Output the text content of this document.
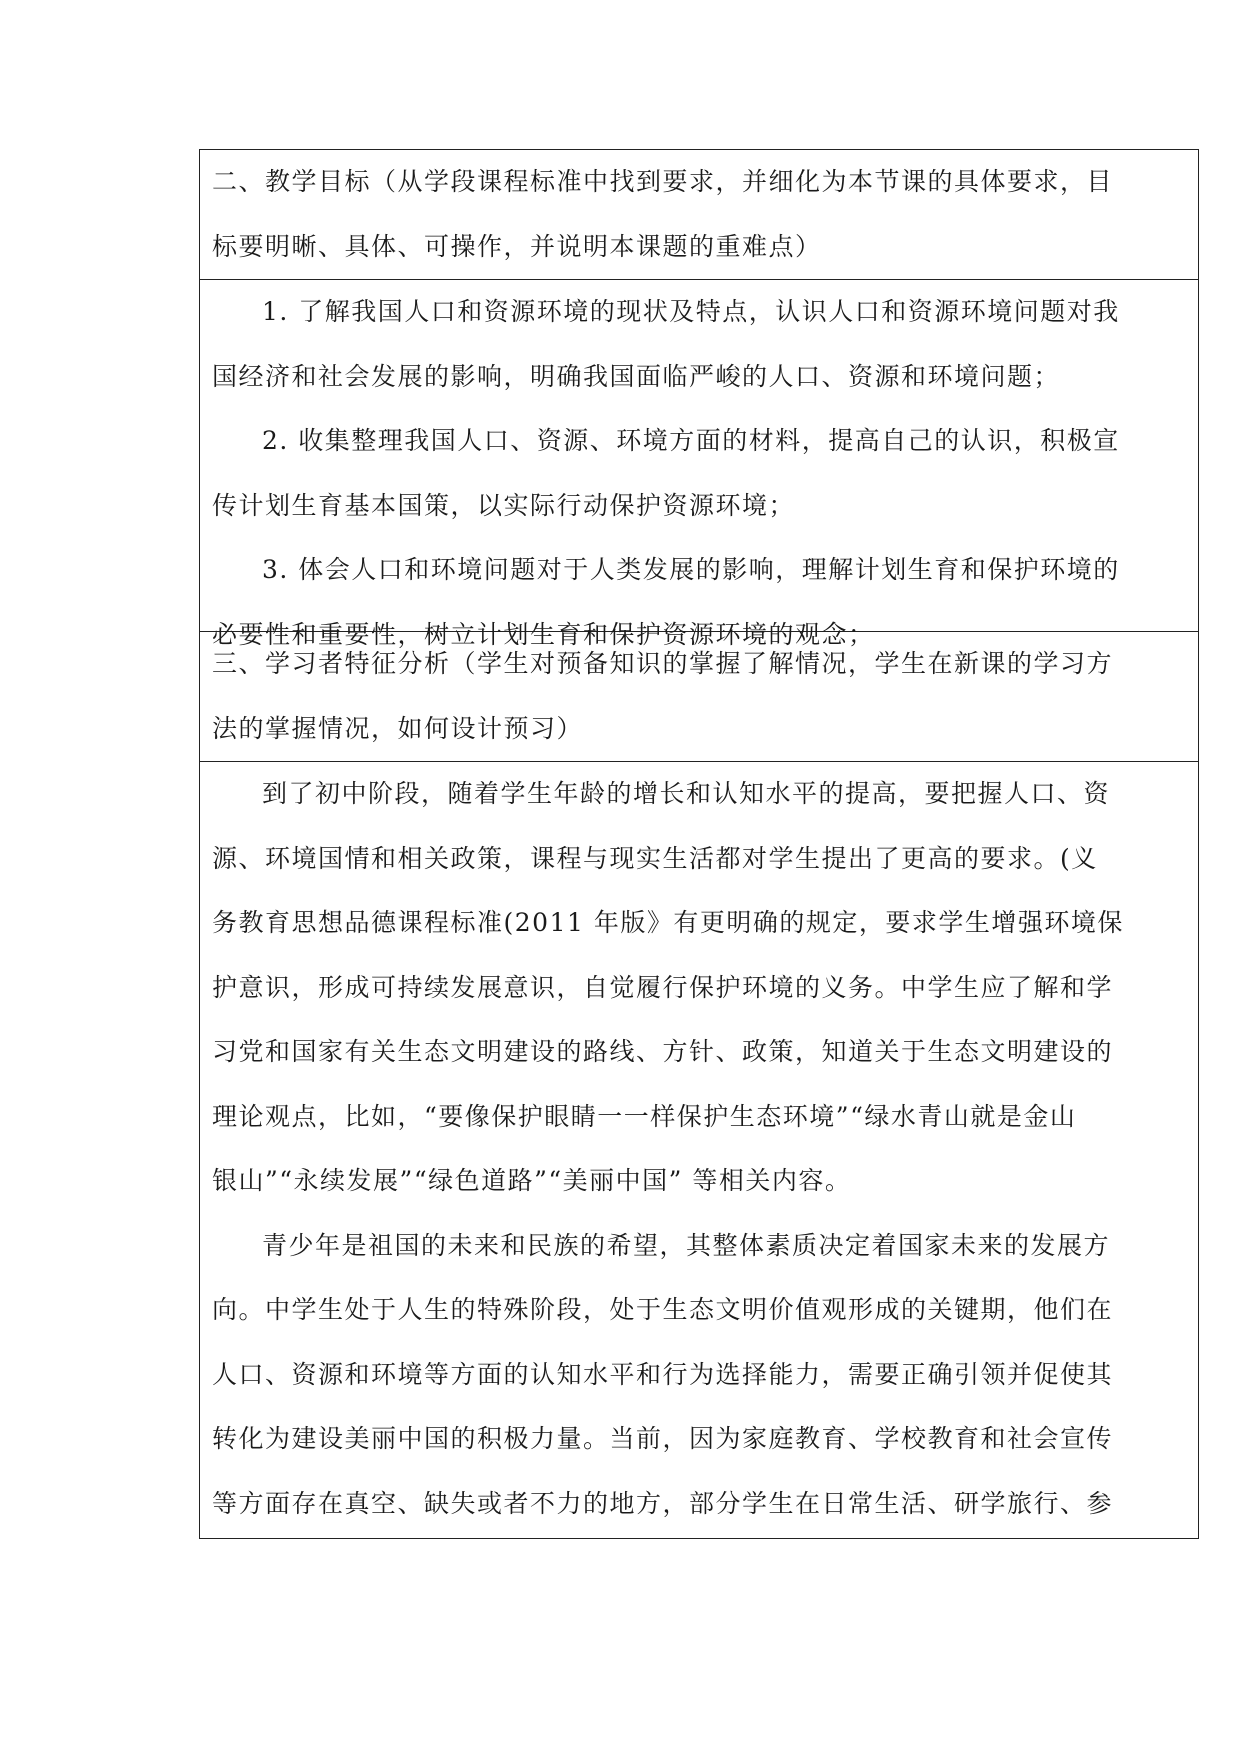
二、教学目标（从学段课程标准中找到要求，并细化为本节课的具体要求，目
标要明晰、具体、可操作，并说明本课题的重难点）
1. 了解我国人口和资源环境的现状及特点，认识人口和资源环境问题对我
国经济和社会发展的影响，明确我国面临严峻的人口、资源和环境问题；
2. 收集整理我国人口、资源、环境方面的材料，提高自己的认识，积极宣
传计划生育基本国策，以实际行动保护资源环境；
3. 体会人口和环境问题对于人类发展的影响，理解计划生育和保护环境的
必要性和重要性，树立计划生育和保护资源环境的观念；
三、学习者特征分析（学生对预备知识的掌握了解情况，学生在新课的学习方
法的掌握情况，如何设计预习）
到了初中阶段，随着学生年龄的增长和认知水平的提高，要把握人口、资
源、环境国情和相关政策，课程与现实生活都对学生提出了更高的要求。(义
务教育思想品德课程标准(2011 年版》有更明确的规定，要求学生增强环境保
护意识，形成可持续发展意识，自觉履行保护环境的义务。中学生应了解和学
习党和国家有关生态文明建设的路线、方针、政策，知道关于生态文明建设的
理论观点，比如，“要像保护眼睛一一样保护生态环境”“绿水青山就是金山
银山”“永续发展”“绿色道路”“美丽中国” 等相关内容。
青少年是祖国的未来和民族的希望，其整体素质决定着国家未来的发展方
向。中学生处于人生的特殊阶段，处于生态文明价值观形成的关键期，他们在
人口、资源和环境等方面的认知水平和行为选择能力，需要正确引领并促使其
转化为建设美丽中国的积极力量。当前，因为家庭教育、学校教育和社会宣传
等方面存在真空、缺失或者不力的地方，部分学生在日常生活、研学旅行、参
